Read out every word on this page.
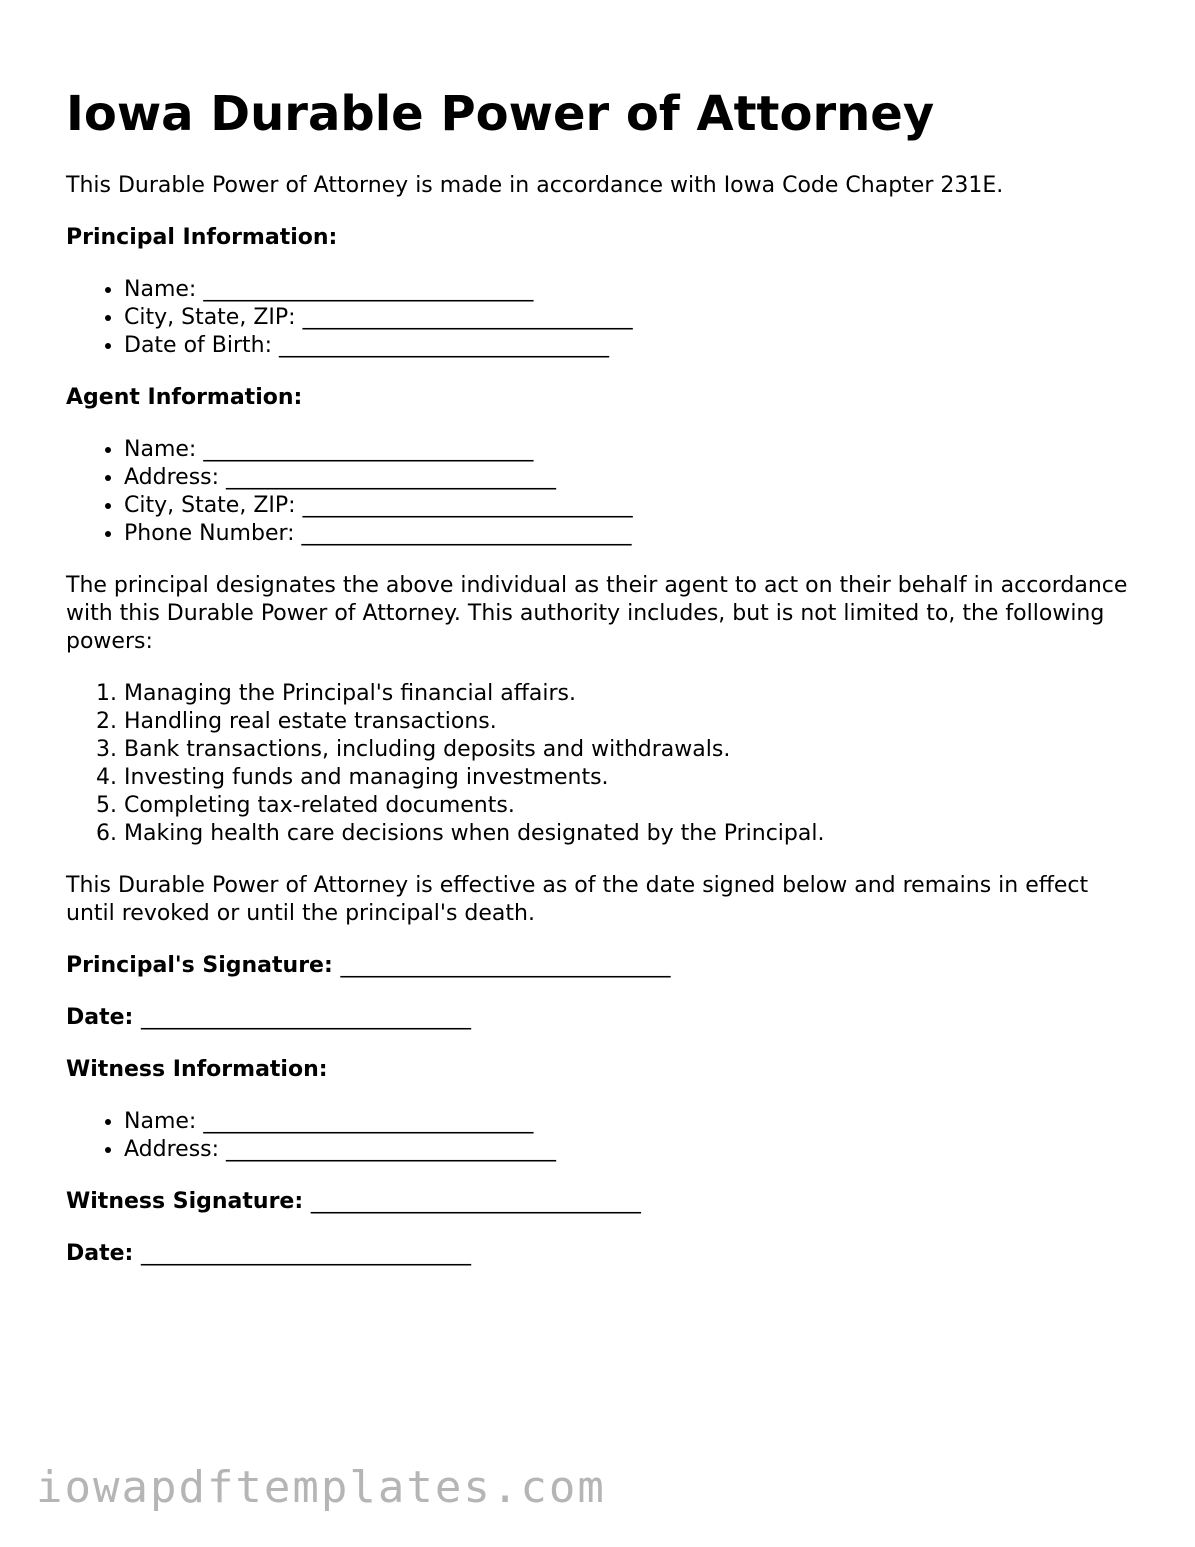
Iowa Durable Power of Attorney

This Durable Power of Attorney is made in accordance with Iowa Code Chapter 231E.

Principal Information:
• Name: ______________________________
• City, State, ZIP: ______________________________
• Date of Birth: ______________________________
Agent Information:
• Name: ______________________________
• Address: ______________________________
• City, State, ZIP: ______________________________
• Phone Number: ______________________________

The principal designates the above individual as their agent to act on their behalf in accordance with this Durable Power of Attorney. This authority includes, but is not limited to, the following powers:

1. Managing the Principal's financial affairs.
2. Handling real estate transactions.
3. Bank transactions, including deposits and withdrawals.
4. Investing funds and managing investments.
5. Completing tax-related documents.
6. Making health care decisions when designated by the Principal.

This Durable Power of Attorney is effective as of the date signed below and remains in effect until revoked or until the principal's death.

Principal's Signature: ______________________________
Date: ______________________________
Witness Information:
• Name: ______________________________
• Address: ______________________________
Witness Signature: ______________________________
Date: ______________________________
iowapdftemplates.com
